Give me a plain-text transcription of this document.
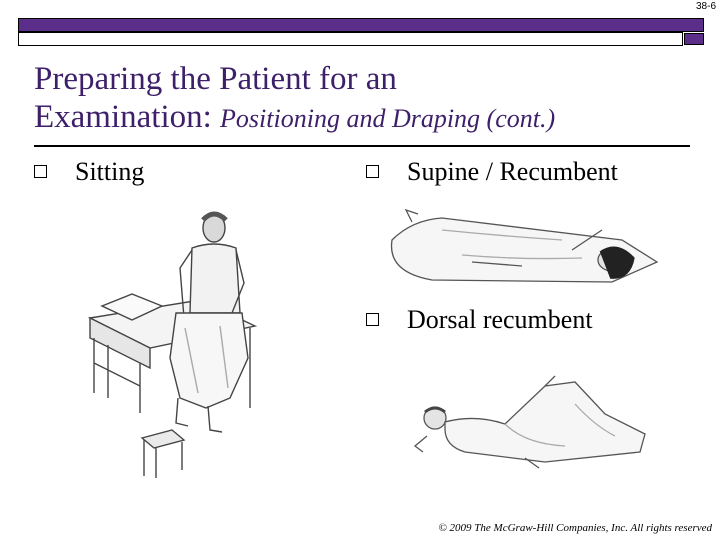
38-6
Preparing the Patient for an
Examination: Positioning and Draping (cont.)
Sitting	Supine / Recumbent
Dorsal recumbent
© 2009 The McGraw-Hill Companies, Inc. All rights reserved
